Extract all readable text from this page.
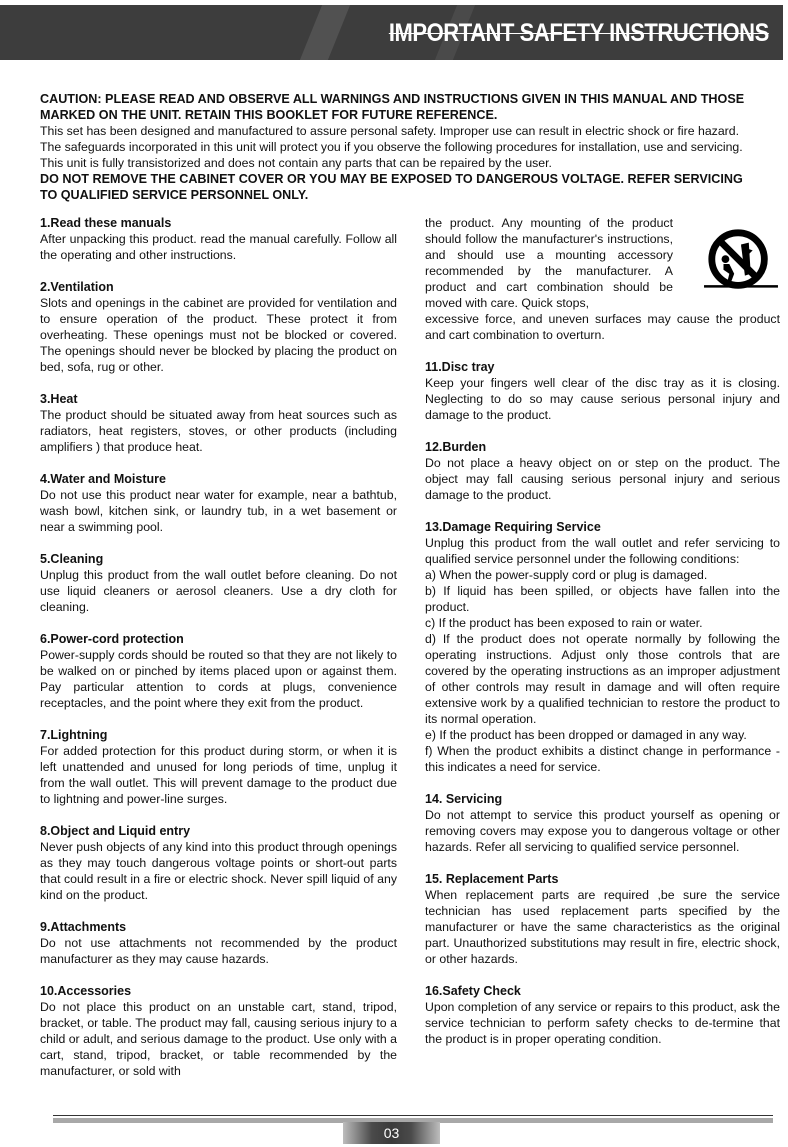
IMPORTANT SAFETY INSTRUCTIONS

CAUTION: PLEASE READ AND OBSERVE ALL WARNINGS AND INSTRUCTIONS GIVEN IN THIS MANUAL AND THOSE MARKED ON THE UNIT. RETAIN THIS BOOKLET FOR FUTURE REFERENCE.

This set has been designed and manufactured to assure personal safety. Improper use can result in electric shock or fire hazard. The safeguards incorporated in this unit will protect you if you observe the following procedures for installation, use and servicing. This unit is fully transistorized and does not contain any parts that can be repaired by the user.

DO NOT REMOVE THE CABINET COVER OR YOU MAY BE EXPOSED TO DANGEROUS VOLTAGE. REFER SERVICING TO QUALIFIED SERVICE PERSONNEL ONLY.

1.Read these manuals

After unpacking this product. read the manual carefully. Follow all the operating and other instructions.

2.Ventilation

Slots and openings in the cabinet are provided for ventilation and to ensure operation of the product. These protect it from overheating. These openings must not be blocked or covered. The openings should never be blocked by placing the product on bed, sofa, rug or other.

3.Heat

The product should be situated away from heat sources such as radiators, heat registers, stoves, or other products (including amplifiers ) that produce heat.

4.Water and Moisture

Do not use this product near water for example, near a bathtub, wash bowl, kitchen sink, or laundry tub, in a wet basement or near a swimming pool.

5.Cleaning

Unplug this product from the wall outlet before cleaning. Do not use liquid cleaners or aerosol cleaners. Use a dry cloth for cleaning.

6.Power-cord protection

Power-supply cords should be routed so that they are not likely to be walked on or pinched by items placed upon or against them. Pay particular attention to cords at plugs, convenience receptacles, and the point where they exit from the product.

7.Lightning

For added protection for this product during storm, or when it is left unattended and unused for long periods of time, unplug it from the wall outlet. This will prevent damage to the product due to lightning and power-line surges.

8.Object and Liquid entry

Never push objects of any kind into this product through openings as they may touch dangerous voltage points or short-out parts that could result in a fire or electric shock. Never spill liquid of any kind on the product.

9.Attachments

Do not use attachments not recommended by the product manufacturer as they may cause hazards.

10.Accessories

Do not place this product on an unstable cart, stand, tripod, bracket, or table. The product may fall, causing serious injury to a child or adult, and serious damage to the product. Use only with a cart, stand, tripod, bracket, or table recommended by the manufacturer, or sold with

the product. Any mounting of the product should follow the manufacturer's instructions, and should use a mounting accessory recommended by the manufacturer. A product and cart combination should be moved with care. Quick stops,

excessive force, and uneven surfaces may cause the product and cart combination to overturn.

11.Disc tray

Keep your fingers well clear of the disc tray as it is closing. Neglecting to do so may cause serious personal injury and damage to the product.

12.Burden

Do not place a heavy object on or step on the product. The object may fall causing serious personal injury and serious damage to the product.

13.Damage Requiring Service

Unplug this product from the wall outlet and refer servicing to qualified service personnel under the following conditions:

a) When the power-supply cord or plug is damaged.

b) If liquid has been spilled, or objects have fallen into the product.

c) If the product has been exposed to rain or water.

d) If the product does not operate normally by following the operating instructions. Adjust only those controls that are covered by the operating instructions as an improper adjustment of other controls may result in damage and will often require extensive work by a qualified technician to restore the product to its normal operation.

e) If the product has been dropped or damaged in any way.

f) When the product exhibits a distinct change in performance - this indicates a need for service.

14. Servicing

Do not attempt to service this product yourself as opening or removing covers may expose you to dangerous voltage or other hazards. Refer all servicing to qualified service personnel.

15. Replacement Parts

When replacement parts are required ,be sure the service technician has used replacement parts specified by the manufacturer or have the same characteristics as the original part. Unauthorized substitutions may result in fire, electric shock, or other hazards.

16.Safety Check

Upon completion of any service or repairs to this product, ask the service technician to perform safety checks to de-termine that the product is in proper operating condition.

03
